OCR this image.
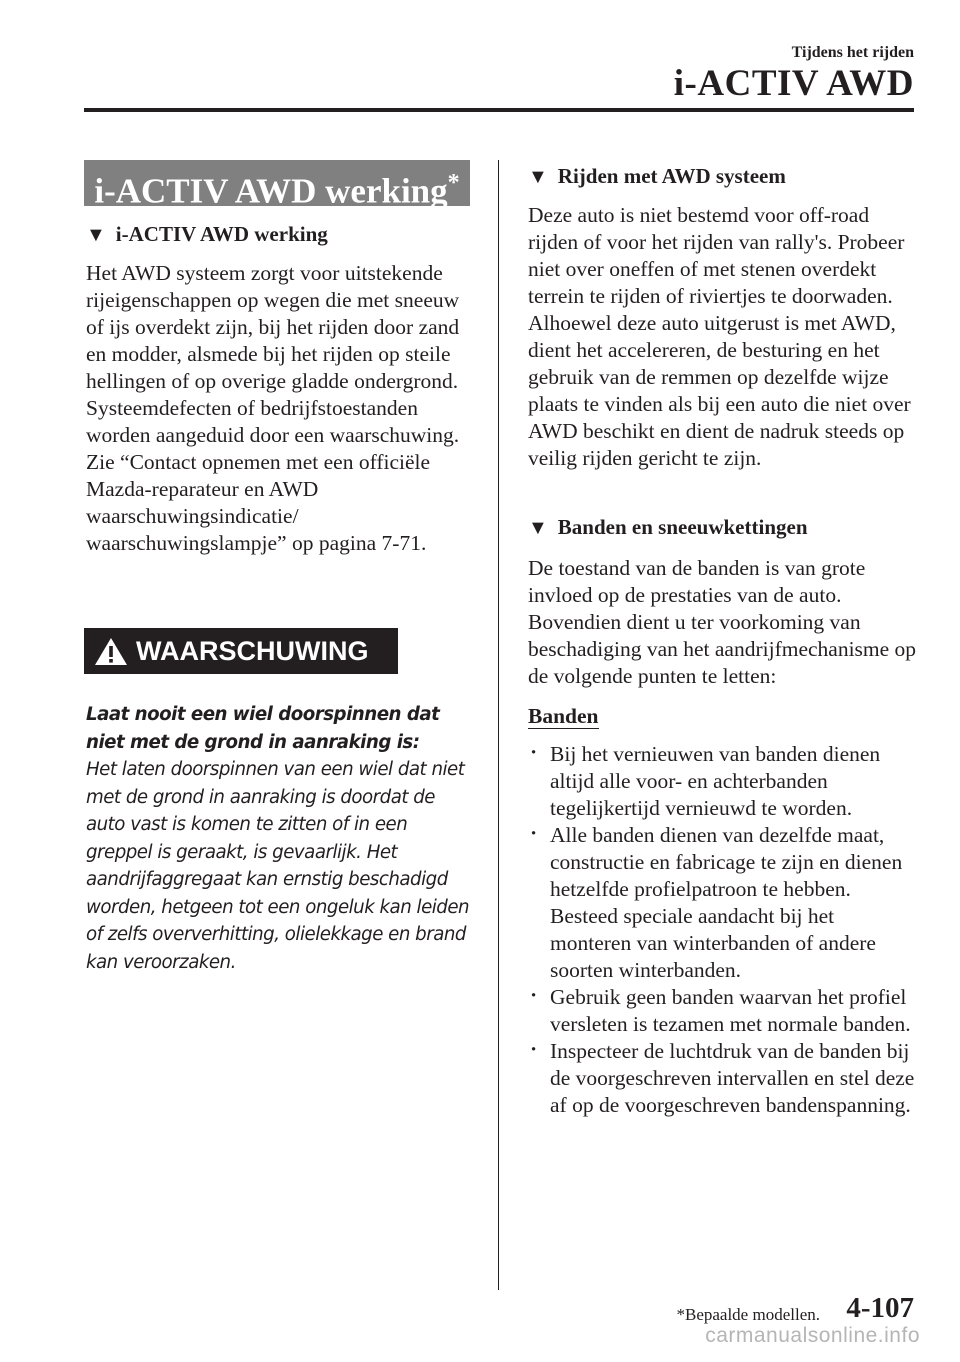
Tijdens het rijden
i-ACTIV AWD
i-ACTIV AWD werking*
▼ i-ACTIV AWD werking

Het AWD systeem zorgt voor uitstekende rijeigenschappen op wegen die met sneeuw of ijs overdekt zijn, bij het rijden door zand en modder, alsmede bij het rijden op steile hellingen of op overige gladde ondergrond.

Systeemdefecten of bedrijfstoestanden worden aangeduid door een waarschuwing.

Zie “Contact opnemen met een officiële Mazda-reparateur en AWD waarschuwingsindicatie/ waarschuwingslampje” op pagina 7-71.

WAARSCHUWING
Laat nooit een wiel doorspinnen dat niet met de grond in aanraking is:
Het laten doorspinnen van een wiel dat niet met de grond in aanraking is doordat de auto vast is komen te zitten of in een greppel is geraakt, is gevaarlijk. Het aandrijfaggregaat kan ernstig beschadigd worden, hetgeen tot een ongeluk kan leiden of zelfs oververhitting, olielekkage en brand kan veroorzaken.
▼ Rijden met AWD systeem

Deze auto is niet bestemd voor off-road rijden of voor het rijden van rally's. Probeer niet over oneffen of met stenen overdekt terrein te rijden of riviertjes te doorwaden.

Alhoewel deze auto uitgerust is met AWD, dient het accelereren, de besturing en het gebruik van de remmen op dezelfde wijze plaats te vinden als bij een auto die niet over AWD beschikt en dient de nadruk steeds op veilig rijden gericht te zijn.

▼ Banden en sneeuwkettingen

De toestand van de banden is van grote invloed op de prestaties van de auto. Bovendien dient u ter voorkoming van beschadiging van het aandrijfmechanisme op de volgende punten te letten:

Banden
· Bij het vernieuwen van banden dienen altijd alle voor- en achterbanden tegelijkertijd vernieuwd te worden.
· Alle banden dienen van dezelfde maat, constructie en fabricage te zijn en dienen hetzelfde profielpatroon te hebben. Besteed speciale aandacht bij het monteren van winterbanden of andere soorten winterbanden.
· Gebruik geen banden waarvan het profiel versleten is tezamen met normale banden.
· Inspecteer de luchtdruk van de banden bij de voorgeschreven intervallen en stel deze af op de voorgeschreven bandenspanning.
*Bepaalde modellen. 4-107
carmanualsonline.info
